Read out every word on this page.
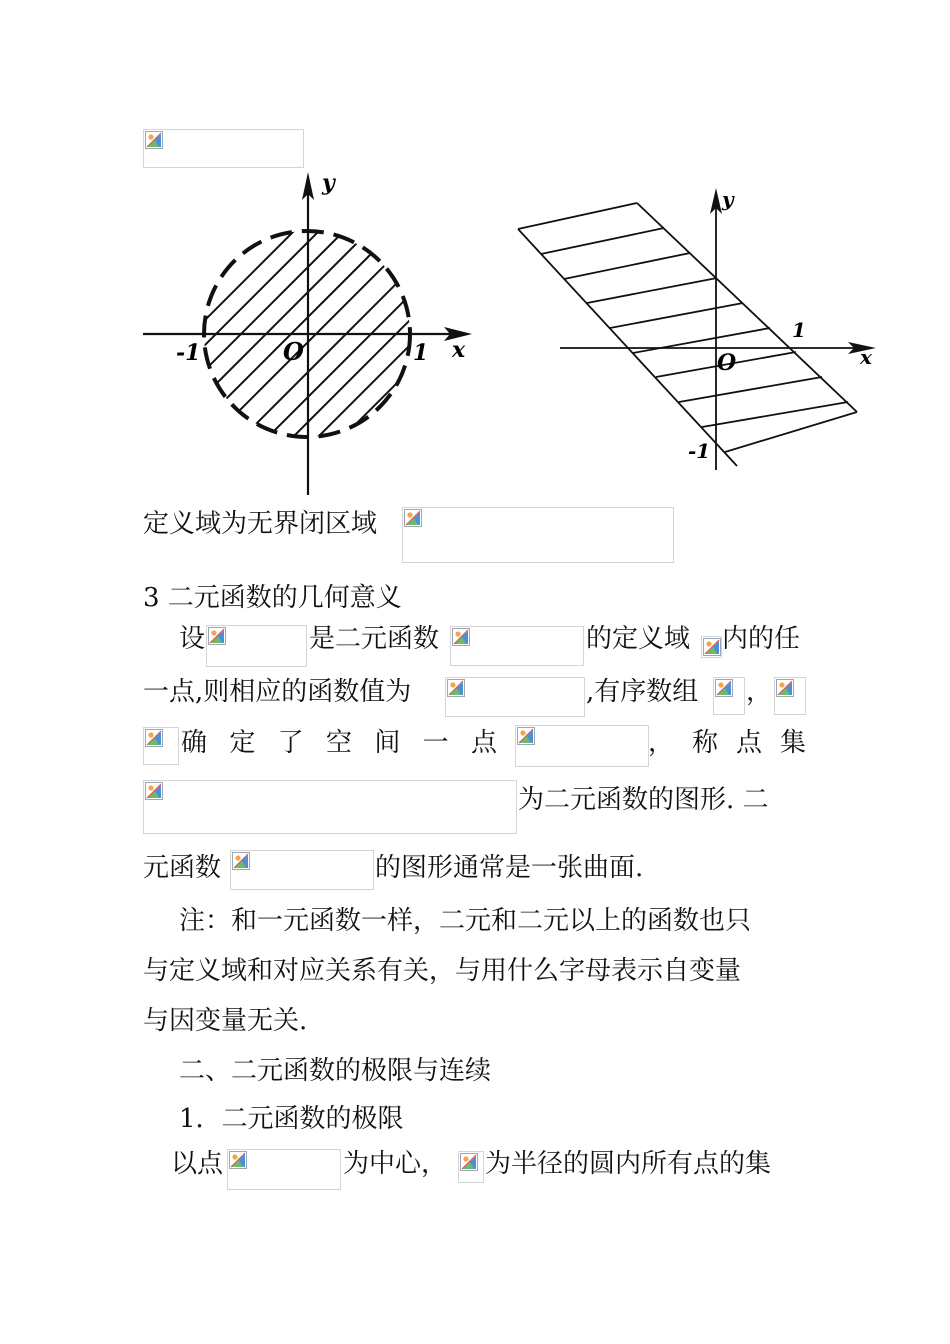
y
x
O
-1	1
y
x
O
1
-1
定义域为无界闭区域
3 二元函数的几何意义
设	是二元函数	的定义域 内的任
一点,则相应的函数值为	,有序数组 ，
确 定 了 空 间 一 点	， 称 点 集
为二元函数的图形. 二
元函数	的图形通常是一张曲面.
注：和一元函数一样，二元和二元以上的函数也只
与定义域和对应关系有关，与用什么字母表示自变量
与因变量无关.
二、二元函数的极限与连续
1．二元函数的极限
以点	为中心， 为半径的圆内所有点的集
